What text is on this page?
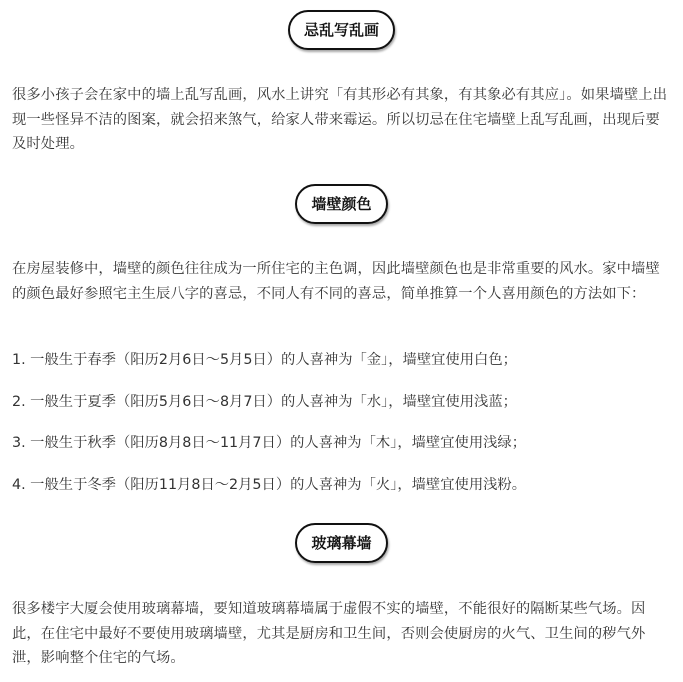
忌乱写乱画

很多小孩子会在家中的墙上乱写乱画，风水上讲究「有其形必有其象，有其象必有其应」。如果墙壁上出现一些怪异不洁的图案，就会招来煞气，给家人带来霉运。所以切忌在住宅墙壁上乱写乱画，出现后要及时处理。

墙壁颜色

在房屋装修中，墙壁的颜色往往成为一所住宅的主色调，因此墙壁颜色也是非常重要的风水。家中墙壁的颜色最好参照宅主生辰八字的喜忌，不同人有不同的喜忌，简单推算一个人喜用颜色的方法如下：

1. 一般生于春季（阳历2月6日～5月5日）的人喜神为「金」，墙壁宜使用白色；

2. 一般生于夏季（阳历5月6日～8月7日）的人喜神为「水」，墙壁宜使用浅蓝；

3. 一般生于秋季（阳历8月8日～11月7日）的人喜神为「木」，墙壁宜使用浅绿；

4. 一般生于冬季（阳历11月8日～2月5日）的人喜神为「火」，墙壁宜使用浅粉。

玻璃幕墙

很多楼宇大厦会使用玻璃幕墙，要知道玻璃幕墙属于虚假不实的墙壁，不能很好的隔断某些气场。因此，在住宅中最好不要使用玻璃墙壁，尤其是厨房和卫生间，否则会使厨房的火气、卫生间的秽气外泄，影响整个住宅的气场。
